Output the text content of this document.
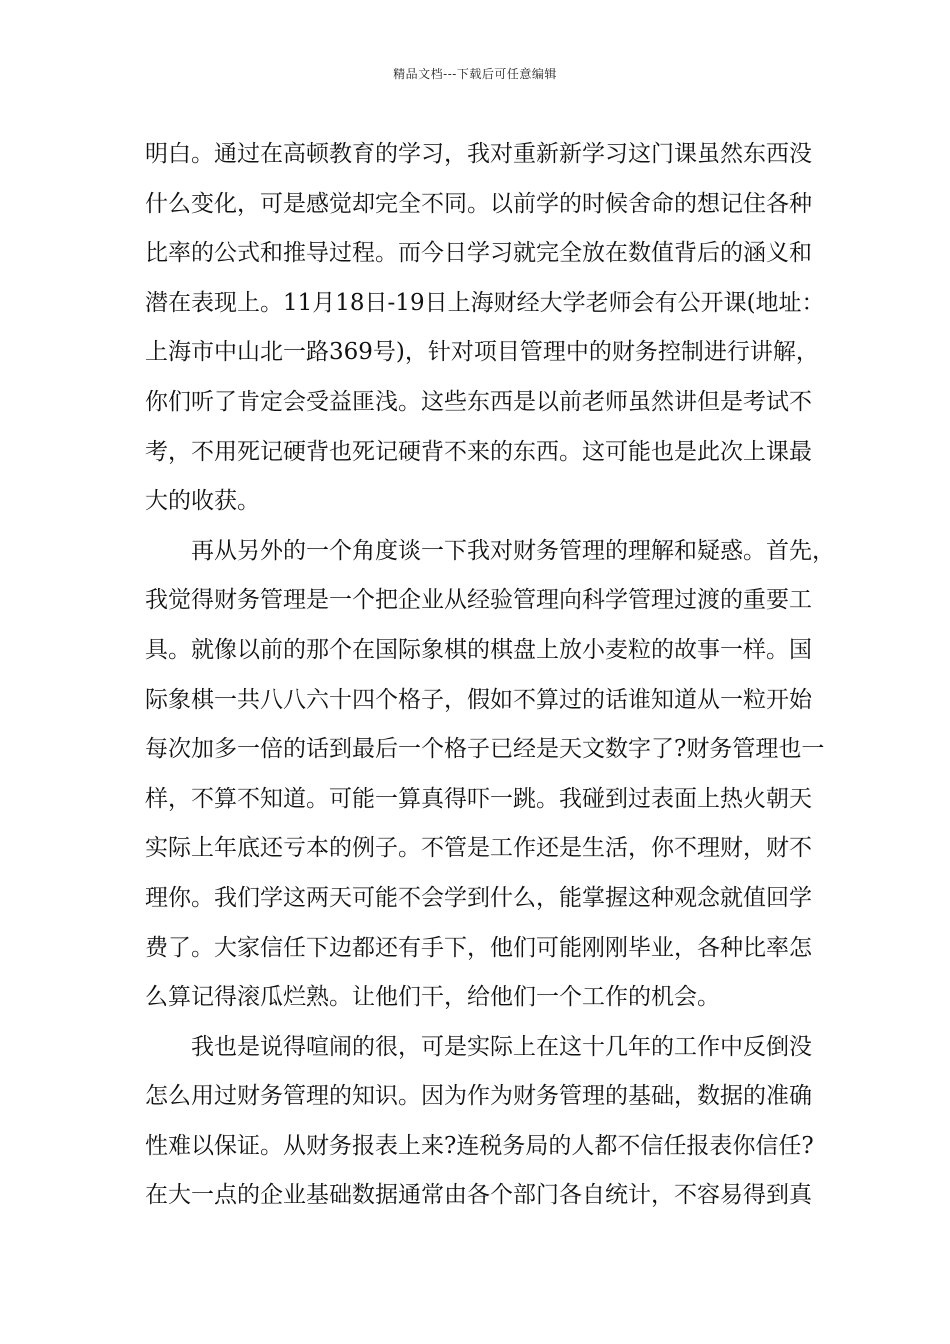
精品文档---下载后可任意编辑
明白。通过在高顿教育的学习，我对重新新学习这门课虽然东西没
什么变化，可是感觉却完全不同。以前学的时候舍命的想记住各种
比率的公式和推导过程。而今日学习就完全放在数值背后的涵义和
潜在表现上。11月18日-19日上海财经大学老师会有公开课(地址：
上海市中山北一路369号)，针对项目管理中的财务控制进行讲解，
你们听了肯定会受益匪浅。这些东西是以前老师虽然讲但是考试不
考，不用死记硬背也死记硬背不来的东西。这可能也是此次上课最
大的收获。
再从另外的一个角度谈一下我对财务管理的理解和疑惑。首先，
我觉得财务管理是一个把企业从经验管理向科学管理过渡的重要工
具。就像以前的那个在国际象棋的棋盘上放小麦粒的故事一样。国
际象棋一共八八六十四个格子，假如不算过的话谁知道从一粒开始
每次加多一倍的话到最后一个格子已经是天文数字了?财务管理也一
样，不算不知道。可能一算真得吓一跳。我碰到过表面上热火朝天
实际上年底还亏本的例子。不管是工作还是生活，你不理财，财不
理你。我们学这两天可能不会学到什么，能掌握这种观念就值回学
费了。大家信任下边都还有手下，他们可能刚刚毕业，各种比率怎
么算记得滚瓜烂熟。让他们干，给他们一个工作的机会。
我也是说得喧闹的很，可是实际上在这十几年的工作中反倒没
怎么用过财务管理的知识。因为作为财务管理的基础，数据的准确
性难以保证。从财务报表上来?连税务局的人都不信任报表你信任?
在大一点的企业基础数据通常由各个部门各自统计，不容易得到真
